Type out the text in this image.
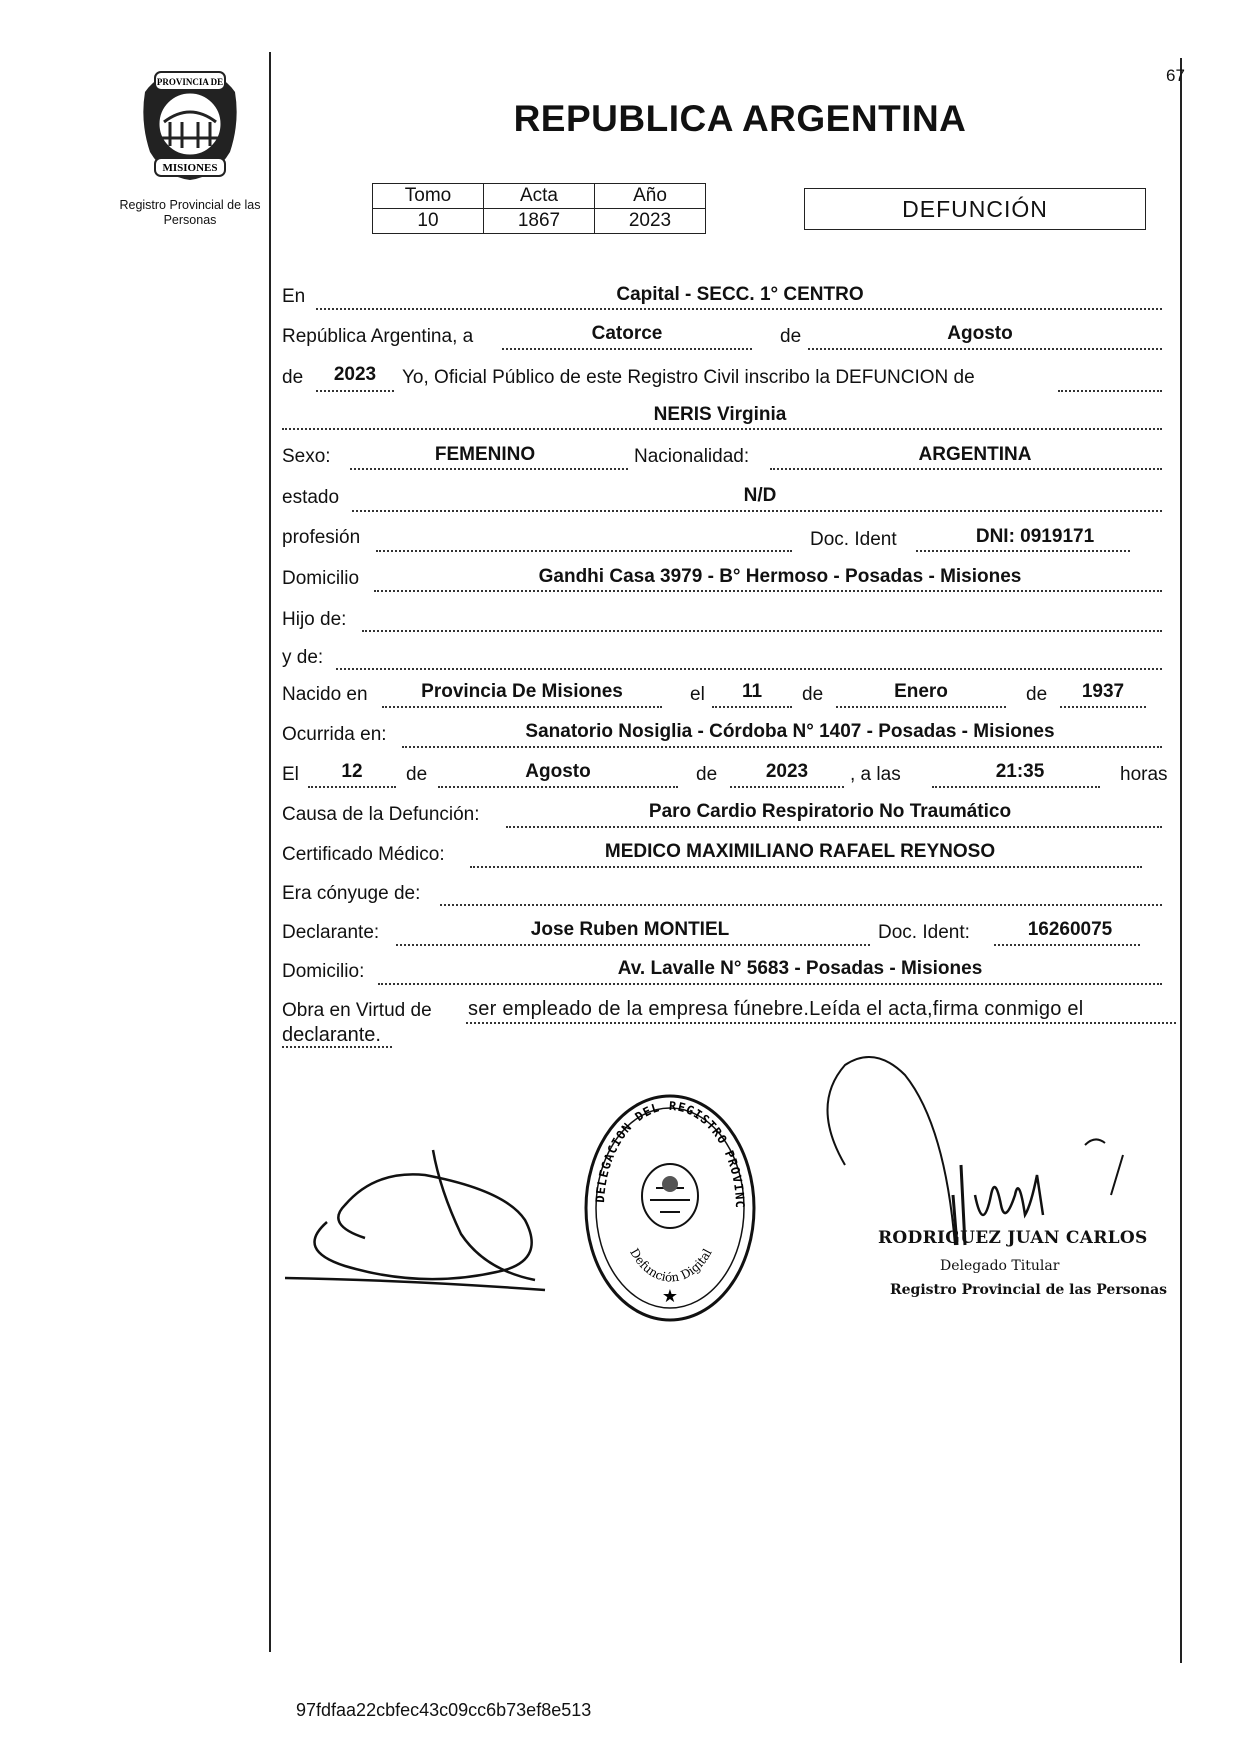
67
PROVINCIA DE
MISIONES
Registro Provincial de las Personas
REPUBLICA ARGENTINA
Tomo	Acta	Año
10	1867	2023	DEFUNCIÓN
En	Capital - SECC. 1° CENTRO
República Argentina, a	Catorce	de	Agosto
de	2023	Yo, Oficial Público de este Registro Civil inscribo la DEFUNCION de
NERIS Virginia
Sexo:	FEMENINO	Nacionalidad:	ARGENTINA
estado	N/D
profesión	Doc. Ident	DNI: 0919171
Domicilio	Gandhi Casa 3979 - B° Hermoso - Posadas - Misiones
Hijo de:
y de:
Nacido en	Provincia De Misiones	el	11	de	Enero	de	1937
Ocurrida en:	Sanatorio Nosiglia - Córdoba N° 1407 - Posadas - Misiones
El	12	de	Agosto	de	2023	, a las	21:35	horas
Causa de la Defunción:	Paro Cardio Respiratorio No Traumático
Certificado Médico:	MEDICO MAXIMILIANO RAFAEL REYNOSO
Era cónyuge de:
Declarante:	Jose Ruben MONTIEL	Doc. Ident:	16260075
Domicilio:	Av. Lavalle N° 5683 - Posadas - Misiones
Obra en Virtud de ser empleado de la empresa fúnebre.Leída el acta,firma conmigo el
declarante.
DELEGACION DEL REGISTRO PROVINC
Defunción Digital
★
RODRIGUEZ JUAN CARLOS
Delegado Titular
Registro Provincial de las Personas
97fdfaa22cbfec43c09cc6b73ef8e513
